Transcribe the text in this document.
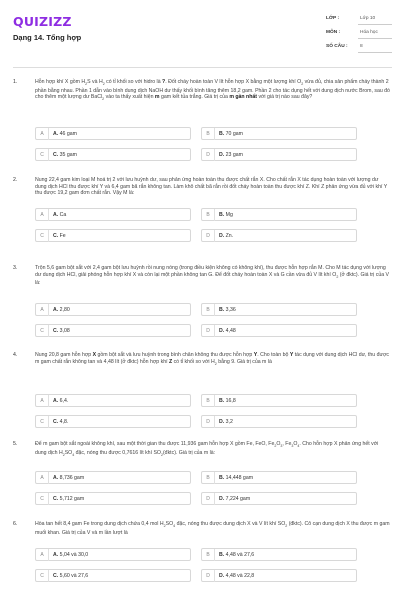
QUIZIZZ
Dạng 14. Tổng hợp
LỚP :	Lớp 10
MÔN :	Hóa học
SỐ CÂU :	8
1.	Hỗn hợp khí X gồm $H_2S$ và $H_2$ có tỉ khối so với hidro là ?. Đốt cháy hoàn toàn V lít hỗn hợp X bằng một lượng khí $O_2$ vừa đủ, chia sản phẩm cháy thành 2 phần bằng nhau. Phần 1 dẫn vào bình dung dịch NaOH dư thấy khối bình tăng thêm 18,2 gam. Phần 2 cho tác dụng hết với dung dịch nước Brom, sau đó cho thêm một lượng dư BaCl$_2$ vào ta thấy xuất hiện m gam kết tủa trắng. Giá trị của m gần nhất với giá trị nào sau đây?
A	A. 46 gam	B	B. 70 gam
C	C. 35 gam	D	D. 23 gam
2.	Nung 22,4 gam kim loại M hoá trị 2 với lưu huỳnh dư, sau phản ứng hoàn toàn thu được chất rắn X. Cho chất rắn X tác dụng hoàn toàn với lượng dư dung dịch HCl thu được khí Y và 6,4 gam bã rắn không tan. Làm khô chất bã rắn rồi đốt cháy hoàn toàn thu được khí Z. Khí Z phản ứng vừa đủ với khí Y thu được 19,2 gam đơn chất rắn. Vậy M là:
A	A. Ca	B	B. Mg
C	C. Fe	D	D. Zn.
3.	Trộn 5,6 gam bột sắt với 2,4 gam bột lưu huỳnh rồi nung nóng (trong điều kiện không có không khí), thu được hỗn hợp rắn M. Cho M tác dụng với lượng dư dung dịch HCl, giải phóng hỗn hợp khí X và còn lại một phần không tan G. Để đốt cháy hoàn toàn X và G cần vừa đủ V lít khí $O_2$ (ở đktc). Giá trị của V là:
A	A. 2,80	B	B. 3,36
C	C. 3,08	D	D. 4,48
4.	Nung 20,8 gam hỗn hợp X gồm bột sắt và lưu huỳnh trong bình chân không thu được hỗn hợp Y. Cho toàn bộ Y tác dụng với dung dịch HCl dư, thu được m gam chất rắn không tan và 4,48 lít (ở đktc) hỗn hợp khí Z có tỉ khối so với $H_2$ bằng 9. Giá trị của m là
A	A. 6,4.	B	B. 16,8
C	C. 4,8.	D	D. 3,2
5.	Để m gam bột sắt ngoài không khí, sau một thời gian thu được 11,936 gam hỗn hợp X gồm Fe, FeO, $Fe_2O_3$, $Fe_3O_4$. Cho hỗn hợp X phản ứng hết với dung dịch $H_2SO_4$ đặc, nóng thu được 0,7616 lít khí $SO_2(đktc)$. Giá trị của m là:
A	A. 8,736 gam	B	B. 14,448 gam
C	C. 5,712 gam	D	D. 7,224 gam
6.	Hòa tan hết 8,4 gam Fe trong dung dịch chứa 0,4 mol $H_2SO_4$ đặc, nóng thu được dung dịch X và V lít khí $SO_2$ (đktc). Cô cạn dung dịch X thu được m gam muối khan. Giá trị của V và m lần lượt là
A	A. 5,04 và 30,0	B	B. 4,48 và 27,6
C	C. 5,60 và 27,6	D	D. 4,48 và 22,8
